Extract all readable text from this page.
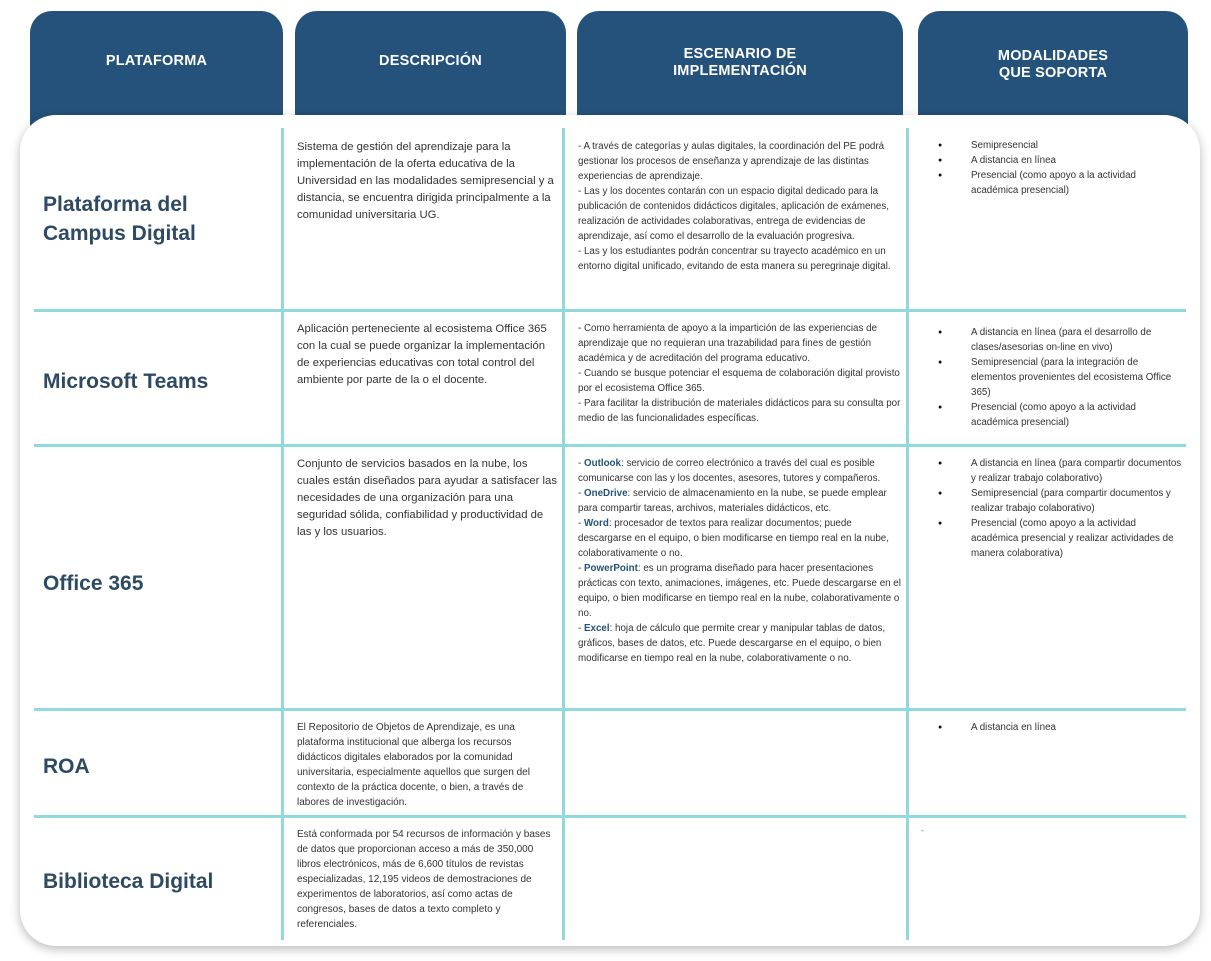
PLATAFORMA	DESCRIPCIÓN	ESCENARIO DE
IMPLEMENTACIÓN
MODALIDADES
QUE SOPORTA
Plataforma del
Campus Digital
Sistema de gestión del aprendizaje para la implementación de la oferta educativa de la Universidad en las modalidades semipresencial y a distancia, se encuentra dirigida principalmente a la comunidad universitaria UG.

- A través de categorías y aulas digitales, la coordinación del PE podrá gestionar los procesos de enseñanza y aprendizaje de las distintas experiencias de aprendizaje.

- Las y los docentes contarán con un espacio digital dedicado para la publicación de contenidos didácticos digitales, aplicación de exámenes, realización de actividades colaborativas, entrega de evidencias de aprendizaje, así como el desarrollo de la evaluación progresiva.

- Las y los estudiantes podrán concentrar su trayecto académico en un entorno digital unificado, evitando de esta manera su peregrinaje digital.

● Semipresencial
● A distancia en línea
● Presencial (como apoyo a la actividad académica presencial)
Microsoft Teams
Aplicación perteneciente al ecosistema Office 365 con la cual se puede organizar la implementación de experiencias educativas con total control del ambiente por parte de la o el docente.

- Como herramienta de apoyo a la impartición de las experiencias de aprendizaje que no requieran una trazabilidad para fines de gestión académica y de acreditación del programa educativo.

- Cuando se busque potenciar el esquema de colaboración digital provisto por el ecosistema Office 365.

- Para facilitar la distribución de materiales didácticos para su consulta por medio de las funcionalidades específicas.

● A distancia en línea (para el desarrollo de clases/asesorias on-line en vivo)
● Semipresencial (para la integración de elementos provenientes del ecosistema Office 365)
● Presencial (como apoyo a la actividad académica presencial)
Office 365
Conjunto de servicios basados en la nube, los cuales están diseñados para ayudar a satisfacer las necesidades de una organización para una seguridad sólida, confiabilidad y productividad de las y los usuarios.

- Outlook: servicio de correo electrónico a través del cual es posible comunicarse con las y los docentes, asesores, tutores y compañeros.

- OneDrive: servicio de almacenamiento en la nube, se puede emplear para compartir tareas, archivos, materiales didácticos, etc.

- Word: procesador de textos para realizar documentos; puede descargarse en el equipo, o bien modificarse en tiempo real en la nube, colaborativamente o no.

- PowerPoint: es un programa diseñado para hacer presentaciones prácticas con texto, animaciones, imágenes, etc. Puede descargarse en el equipo, o bien modificarse en tiempo real en la nube, colaborativamente o no.

- Excel: hoja de cálculo que permite crear y manipular tablas de datos, gráficos, bases de datos, etc. Puede descargarse en el equipo, o bien modificarse en tiempo real en la nube, colaborativamente o no.

● A distancia en línea (para compartir documentos y realizar trabajo colaborativo)
● Semipresencial (para compartir documentos y realizar trabajo colaborativo)
● Presencial (como apoyo a la actividad académica presencial y realizar actividades de manera colaborativa)
ROA
El Repositorio de Objetos de Aprendizaje, es una plataforma institucional que alberga los recursos didácticos digitales elaborados por la comunidad universitaria, especialmente aquellos que surgen del contexto de la práctica docente, o bien, a través de labores de investigación.
● A distancia en línea
Biblioteca Digital
Está conformada por 54 recursos de información y bases de datos que proporcionan acceso a más de 350,000 libros electrónicos, más de 6,600 títulos de revistas especializadas, 12,195 videos de demostraciones de experimentos de laboratorios, así como actas de congresos, bases de datos a texto completo y referenciales.
-
